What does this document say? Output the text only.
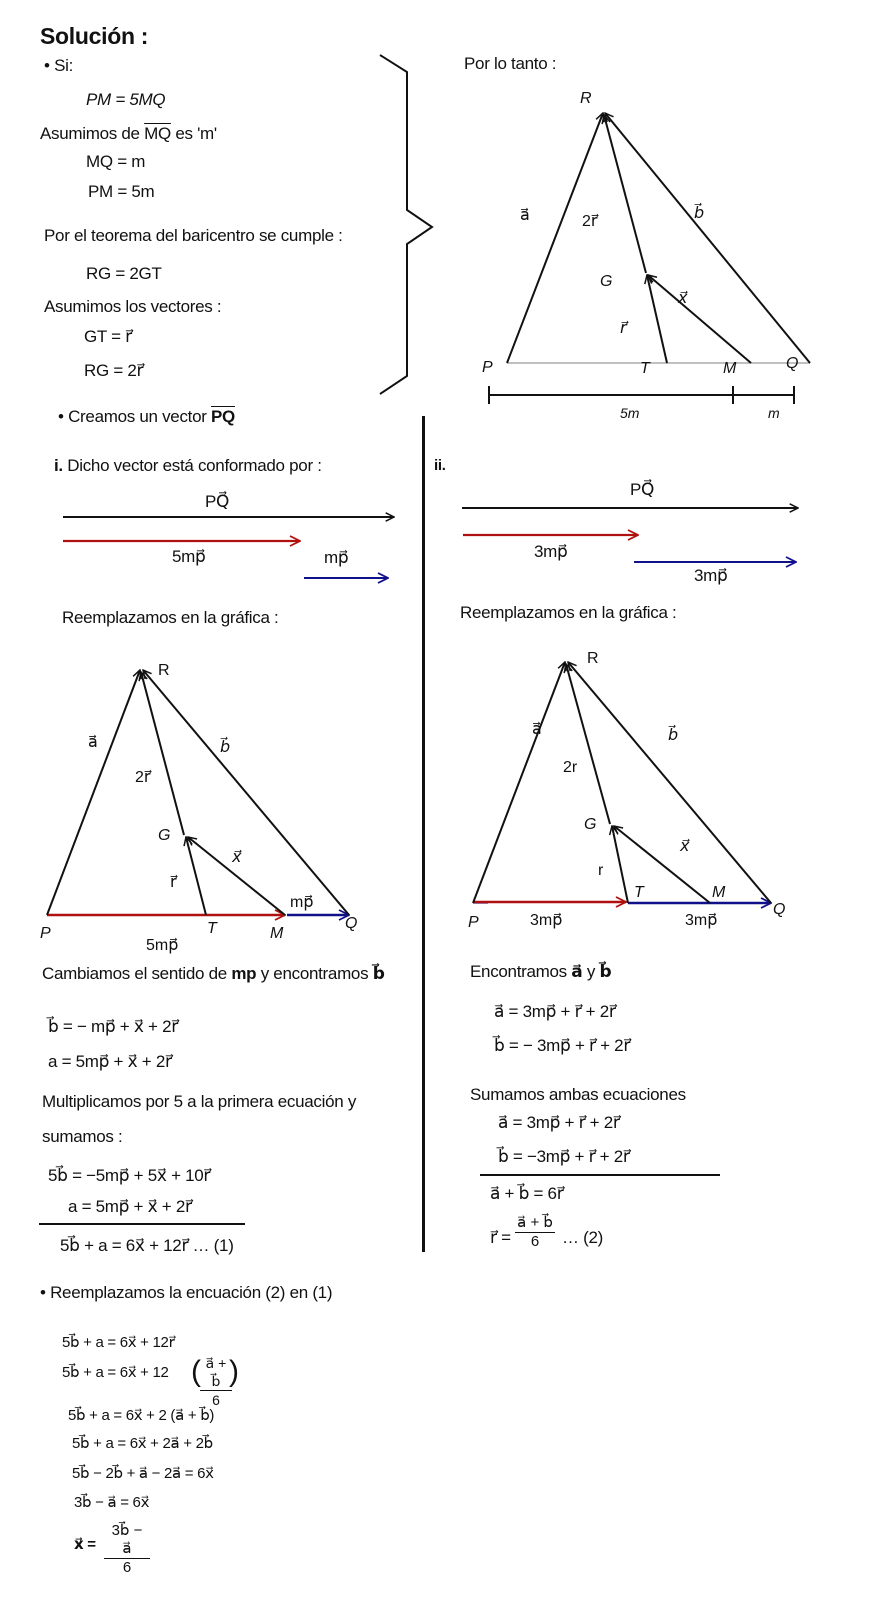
Solución :
• Si:
PM = 5MQ
Asumimos de $\overline{MQ}$ es 'm'
MQ = m
PM = 5m
Por el teorema del baricentro se cumple :
RG = 2GT
Asumimos los vectores :
GT = r⃗
RG = 2r⃗
Por lo tanto :
R
G
P	T	M	Q
a⃗	b⃗
2r⃗
r⃗
x⃗
5m	m
• Creamos un vector $\overline{PQ}$
i. Dicho vector está conformado por :
PQ⃗
5mp⃗	mp⃗
Reemplazamos en la gráfica :
R
G
P	T	M
Q
a⃗	b⃗
2r⃗
r⃗
x⃗
mp⃗
5mp⃗
Cambiamos el sentido de mp y encontramos b⃗
b⃗ = − mp⃗ + x⃗ + 2r⃗
a = 5mp⃗ + x⃗ + 2r⃗
Multiplicamos por 5 a la primera ecuación y
sumamos :
5b⃗ = −5mp⃗ + 5x⃗ + 10r⃗
a = 5mp⃗ + x⃗ + 2r⃗
5b⃗ + a = 6x⃗ + 12r⃗ … (1)
ii.
PQ⃗
3mp⃗
3mp⃗
Reemplazamos en la gráfica :
R
G
P
T	M
Q
a⃗	b⃗
2r
r
x⃗
3mp⃗	3mp⃗
Encontramos a⃗ y b⃗
a⃗ = 3mp⃗ + r⃗ + 2r⃗
b⃗ = − 3mp⃗ + r⃗ + 2r⃗
Sumamos ambas ecuaciones
a⃗ = 3mp⃗ + r⃗ + 2r⃗
b⃗ = −3mp⃗ + r⃗ + 2r⃗
a⃗ + b⃗ = 6r⃗
r⃗ = $\frac{a⃗ + b⃗}{6}$ … (2)
• Reemplazamos la encuación (2) en (1)
5b⃗ + a = 6x⃗ + 12r⃗
5b⃗ + a = 6x⃗ + 12 ( $\frac{a⃗ + b⃗}{6}$
)
5b⃗ + a = 6x⃗ + 2 (a⃗ + b⃗)
5b⃗ + a = 6x⃗ + 2a⃗ + 2b⃗
5b⃗ − 2b⃗ + a⃗ − 2a⃗ = 6x⃗
3b⃗ − a⃗ = 6x⃗
x⃗ = $\frac{3b⃗ - a⃗}{6}$
